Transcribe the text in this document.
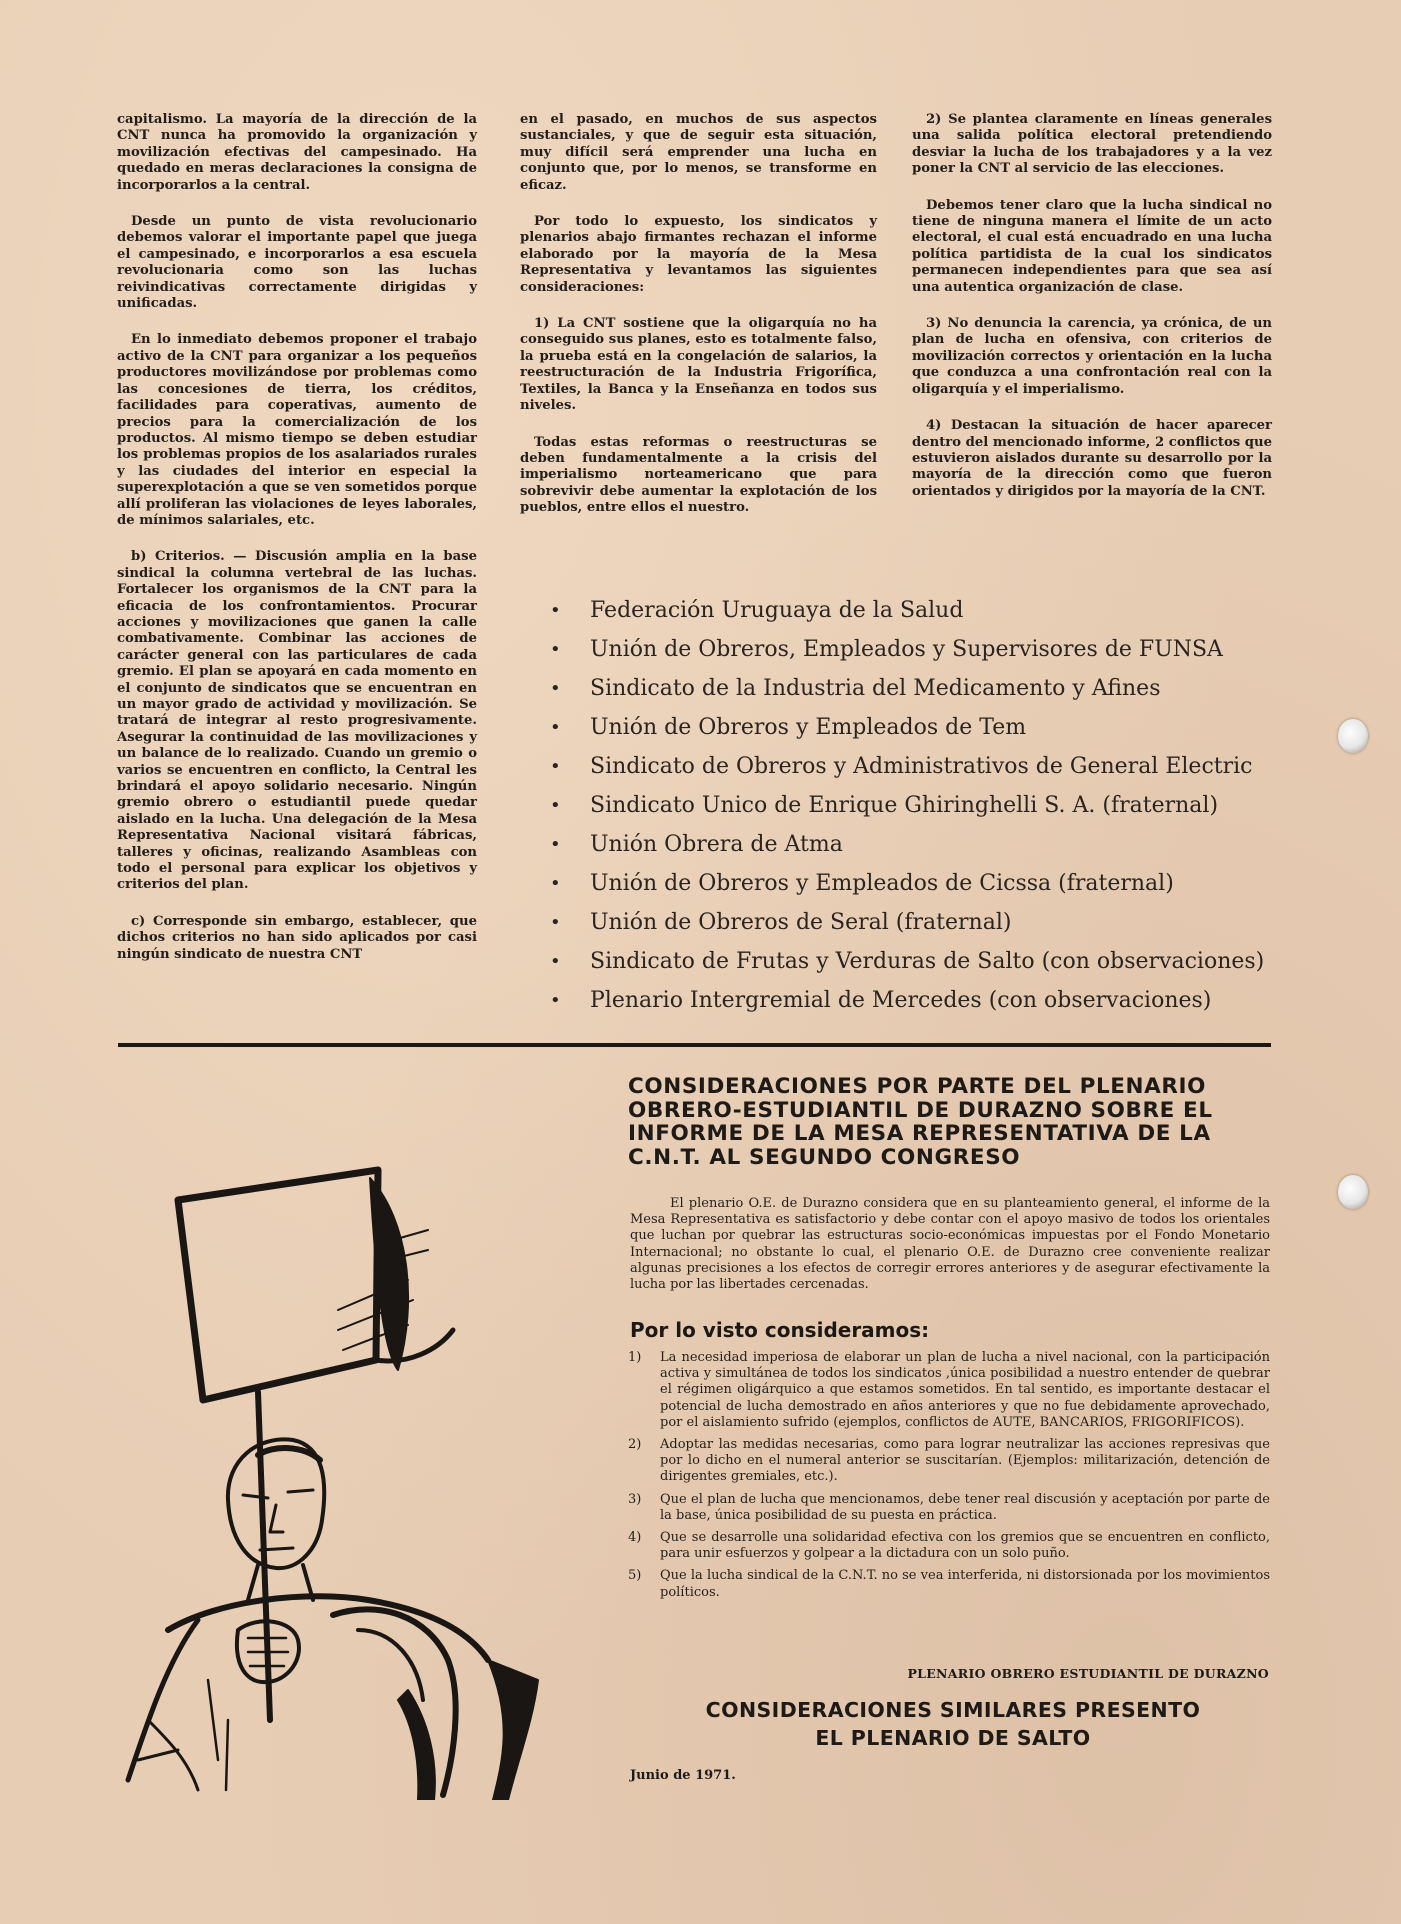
capitalismo. La mayoría de la dirección de la CNT nunca ha promovido la organización y movilización efectivas del campesinado. Ha quedado en meras declaraciones la consigna de incorporarlos a la central.

Desde un punto de vista revolucionario debemos valorar el importante papel que juega el campesinado, e incorporarlos a esa escuela revolucionaria como son las luchas reivindicativas correctamente dirigidas y unificadas.

En lo inmediato debemos proponer el trabajo activo de la CNT para organizar a los pequeños productores movilizándose por problemas como las concesiones de tierra, los créditos, facilidades para coperativas, aumento de precios para la comercialización de los productos. Al mismo tiempo se deben estudiar los problemas propios de los asalariados rurales y las ciudades del interior en especial la superexplotación a que se ven sometidos porque allí proliferan las violaciones de leyes laborales, de mínimos salariales, etc.

b) Criterios. — Discusión amplia en la base sindical la columna vertebral de las luchas. Fortalecer los organismos de la CNT para la eficacia de los confrontamientos. Procurar acciones y movilizaciones que ganen la calle combativamente. Combinar las acciones de carácter general con las particulares de cada gremio. El plan se apoyará en cada momento en el conjunto de sindicatos que se encuentran en un mayor grado de actividad y movilización. Se tratará de integrar al resto progresivamente. Asegurar la continuidad de las movilizaciones y un balance de lo realizado. Cuando un gremio o varios se encuentren en conflicto, la Central les brindará el apoyo solidario necesario. Ningún gremio obrero o estudiantil puede quedar aislado en la lucha. Una delegación de la Mesa Representativa Nacional visitará fábricas, talleres y oficinas, realizando Asambleas con todo el personal para explicar los objetivos y criterios del plan.

c) Corresponde sin embargo, establecer, que dichos criterios no han sido aplicados por casi ningún sindicato de nuestra CNT

en el pasado, en muchos de sus aspectos sustanciales, y que de seguir esta situación, muy difícil será emprender una lucha en conjunto que, por lo menos, se transforme en eficaz.

Por todo lo expuesto, los sindicatos y plenarios abajo firmantes rechazan el informe elaborado por la mayoría de la Mesa Representativa y levantamos las siguientes consideraciones:

1) La CNT sostiene que la oligarquía no ha conseguido sus planes, esto es totalmente falso, la prueba está en la congelación de salarios, la reestructuración de la Industria Frigorífica, Textiles, la Banca y la Enseñanza en todos sus niveles.

Todas estas reformas o reestructuras se deben fundamentalmente a la crisis del imperialismo norteamericano que para sobrevivir debe aumentar la explotación de los pueblos, entre ellos el nuestro.

2) Se plantea claramente en líneas generales una salida política electoral pretendiendo desviar la lucha de los trabajadores y a la vez poner la CNT al servicio de las elecciones.

Debemos tener claro que la lucha sindical no tiene de ninguna manera el límite de un acto electoral, el cual está encuadrado en una lucha política partidista de la cual los sindicatos permanecen independientes para que sea así una autentica organización de clase.

3) No denuncia la carencia, ya crónica, de un plan de lucha en ofensiva, con criterios de movilización correctos y orientación en la lucha que conduzca a una confrontación real con la oligarquía y el imperialismo.

4) Destacan la situación de hacer aparecer dentro del mencionado informe, 2 conflictos que estuvieron aislados durante su desarrollo por la mayoría de la dirección como que fueron orientados y dirigidos por la mayoría de la CNT.

• Federación Uruguaya de la Salud
• Unión de Obreros, Empleados y Supervisores de FUNSA
• Sindicato de la Industria del Medicamento y Afines
• Unión de Obreros y Empleados de Tem
• Sindicato de Obreros y Administrativos de General Electric
• Sindicato Unico de Enrique Ghiringhelli S. A. (fraternal)
• Unión Obrera de Atma
• Unión de Obreros y Empleados de Cicssa (fraternal)
• Unión de Obreros de Seral (fraternal)
• Sindicato de Frutas y Verduras de Salto (con observaciones)
• Plenario Intergremial de Mercedes (con observaciones)
CONSIDERACIONES POR PARTE DEL PLENARIO OBRERO-ESTUDIANTIL DE DURAZNO SOBRE EL INFORME DE LA MESA REPRESENTATIVA DE LA C.N.T. AL SEGUNDO CONGRESO

El plenario O.E. de Durazno considera que en su planteamiento general, el informe de la Mesa Representativa es satisfactorio y debe contar con el apoyo masivo de todos los orientales que luchan por quebrar las estructuras socio-económicas impuestas por el Fondo Monetario Internacional; no obstante lo cual, el plenario O.E. de Durazno cree conveniente realizar algunas precisiones a los efectos de corregir errores anteriores y de asegurar efectivamente la lucha por las libertades cercenadas.

Por lo visto consideramos:
1) La necesidad imperiosa de elaborar un plan de lucha a nivel nacional, con la participación activa y simultánea de todos los sindicatos ,única posibilidad a nuestro entender de quebrar el régimen oligárquico a que estamos sometidos. En tal sentido, es importante destacar el potencial de lucha demostrado en años anteriores y que no fue debidamente aprovechado, por el aislamiento sufrido (ejemplos, conflictos de AUTE, BANCARIOS, FRIGORIFICOS).
2) Adoptar las medidas necesarias, como para lograr neutralizar las acciones represivas que por lo dicho en el numeral anterior se suscitarían. (Ejemplos: militarización, detención de dirigentes gremiales, etc.).
3) Que el plan de lucha que mencionamos, debe tener real discusión y aceptación por parte de la base, única posibilidad de su puesta en práctica.
4) Que se desarrolle una solidaridad efectiva con los gremios que se encuentren en conflicto, para unir esfuerzos y golpear a la dictadura con un solo puño.
5) Que la lucha sindical de la C.N.T. no se vea interferida, ni distorsionada por los movimientos políticos.

PLENARIO OBRERO ESTUDIANTIL DE DURAZNO

CONSIDERACIONES SIMILARES PRESENTO
EL PLENARIO DE SALTO

Junio de 1971.
